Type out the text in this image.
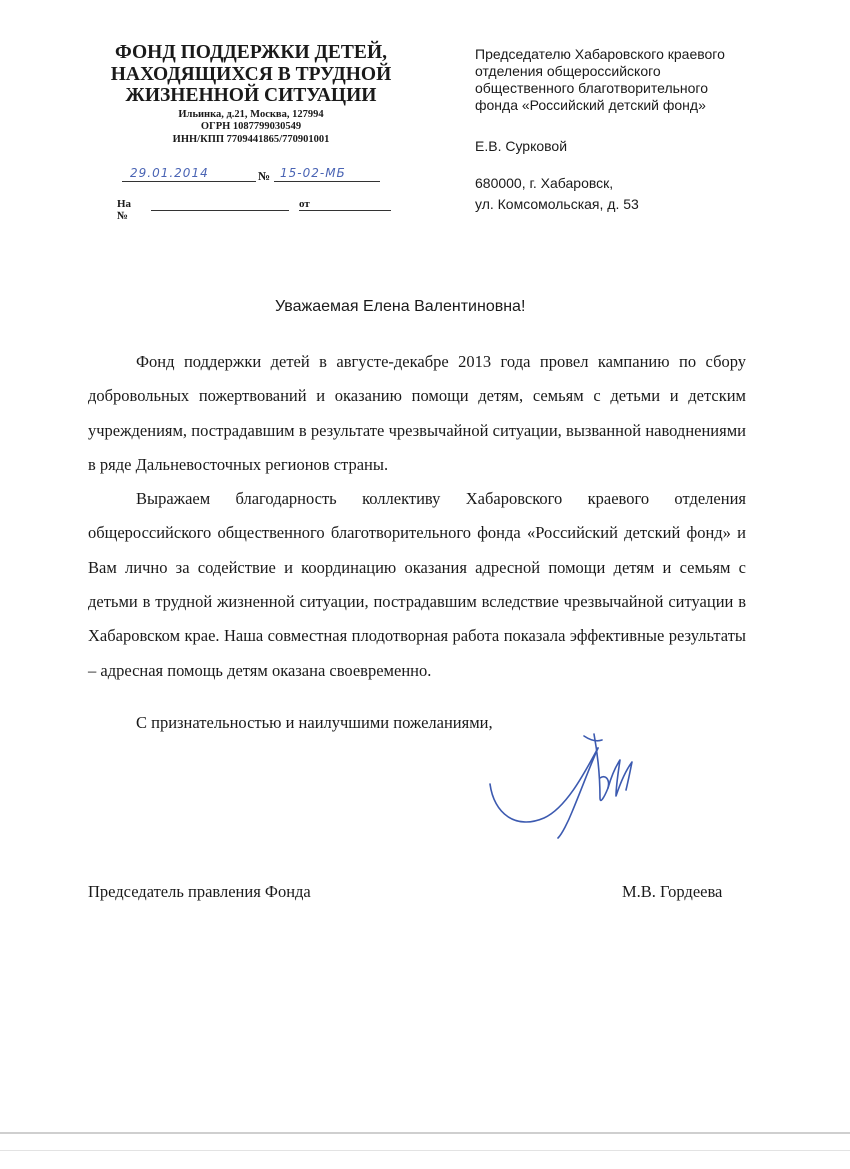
ФОНД ПОДДЕРЖКИ ДЕТЕЙ,

НАХОДЯЩИХСЯ В ТРУДНОЙ

ЖИЗНЕННОЙ СИТУАЦИИ

Ильинка, д.21, Москва, 127994
ОГРН 1087799030549
ИНН/КПП 7709441865/770901001
29.01.2014	№ 15-02-МБ
На №
от

Председателю Хабаровского краевого

отделения общероссийского

общественного благотворительного

фонда «Российский детский фонд»

Е.В. Сурковой

680000, г. Хабаровск,

ул. Комсомольская, д. 53

Уважаемая Елена Валентиновна!

Фонд поддержки детей в августе-декабре 2013 года провел кампанию по сбору добровольных пожертвований и оказанию помощи детям, семьям с детьми и детским учреждениям, пострадавшим в результате чрезвычайной ситуации, вызванной наводнениями в ряде Дальневосточных регионов страны.

Выражаем благодарность коллективу Хабаровского краевого отделения общероссийского общественного благотворительного фонда «Российский детский фонд» и Вам лично за содействие и координацию оказания адресной помощи детям и семьям с детьми в трудной жизненной ситуации, пострадавшим вследствие чрезвычайной ситуации в Хабаровском крае. Наша совместная плодотворная работа показала эффективные результаты – адресная помощь детям оказана своевременно.

С признательностью и наилучшими пожеланиями,
Председатель правления Фонда	М.В. Гордеева
